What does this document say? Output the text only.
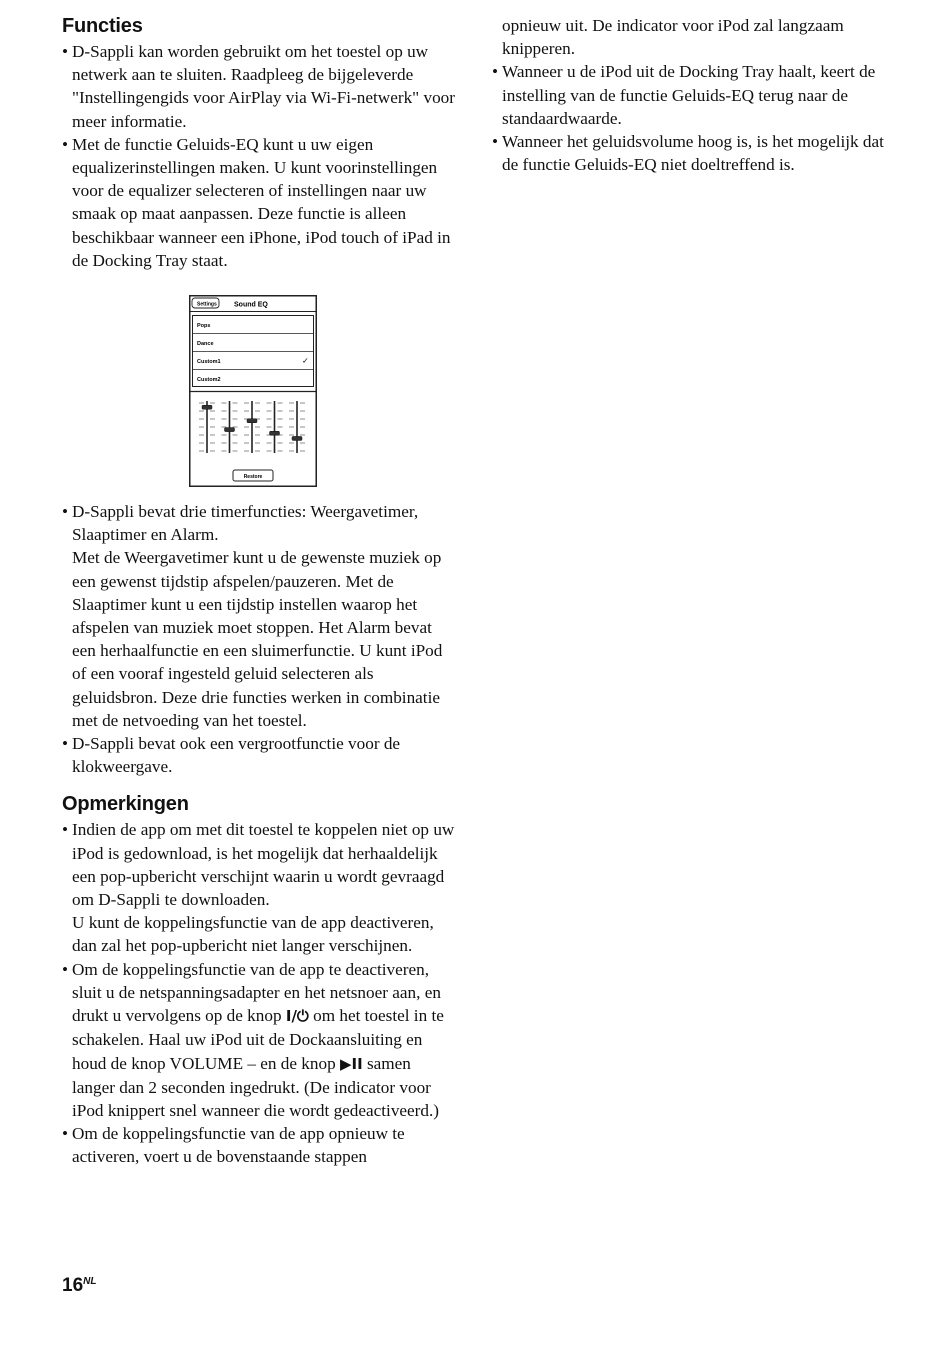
Functies
• D-Sappli kan worden gebruikt om het toestel op uw netwerk aan te sluiten. Raadpleeg de bijgeleverde "Instellingengids voor AirPlay via Wi-Fi-netwerk" voor meer informatie.
• Met de functie Geluids-EQ kunt u uw eigen equalizerinstellingen maken. U kunt voorinstellingen voor de equalizer selecteren of instellingen naar uw smaak op maat aanpassen. Deze functie is alleen beschikbaar wanneer een iPhone, iPod touch of iPad in de Docking Tray staat.
Settings Sound EQ
Pops
Dance
Custom1	✓
Custom2
Restore
• D-Sappli bevat drie timerfuncties: Weergavetimer, Slaaptimer en Alarm.
Met de Weergavetimer kunt u de gewenste muziek op een gewenst tijdstip afspelen/pauzeren. Met de Slaaptimer kunt u een tijdstip instellen waarop het afspelen van muziek moet stoppen. Het Alarm bevat een herhaalfunctie en een sluimerfunctie. U kunt iPod of een vooraf ingesteld geluid selecteren als geluidsbron. Deze drie functies werken in combinatie met de netvoeding van het toestel.
• D-Sappli bevat ook een vergrootfunctie voor de klokweergave.
Opmerkingen
• Indien de app om met dit toestel te koppelen niet op uw iPod is gedownload, is het mogelijk dat herhaaldelijk een pop-upbericht verschijnt waarin u wordt gevraagd om D-Sappli te downloaden.
U kunt de koppelingsfunctie van de app deactiveren, dan zal het pop-upbericht niet langer verschijnen.
• Om de koppelingsfunctie van de app te deactiveren, sluit u de netspanningsadapter en het netsnoer aan, en drukt u vervolgens op de knop I/⏻ om het toestel in te schakelen. Haal uw iPod uit de Dockaansluiting en houd de knop VOLUME – en de knop ▶II samen langer dan 2 seconden ingedrukt. (De indicator voor iPod knippert snel wanneer die wordt gedeactiveerd.)
• Om de koppelingsfunctie van de app opnieuw te activeren, voert u de bovenstaande stappen
opnieuw uit. De indicator voor iPod zal langzaam knipperen.
• Wanneer u de iPod uit de Docking Tray haalt, keert de instelling van de functie Geluids-EQ terug naar de standaardwaarde.
• Wanneer het geluidsvolume hoog is, is het mogelijk dat de functie Geluids-EQ niet doeltreffend is.
$16^{NL}$
